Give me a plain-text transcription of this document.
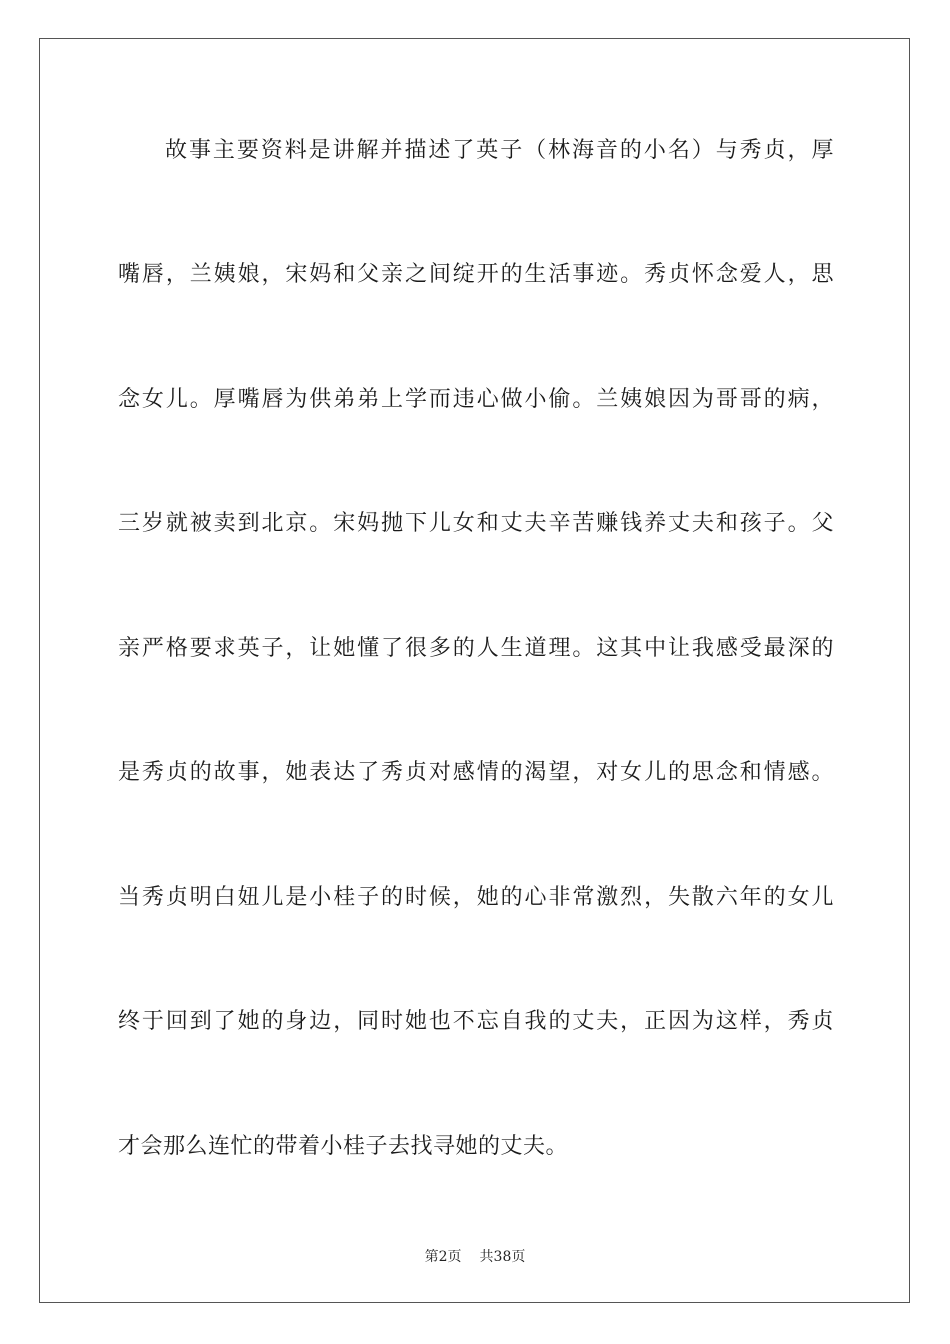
故事主要资料是讲解并描述了英子（林海音的小名）与秀贞，厚
嘴唇，兰姨娘，宋妈和父亲之间绽开的生活事迹。秀贞怀念爱人，思
念女儿。厚嘴唇为供弟弟上学而违心做小偷。兰姨娘因为哥哥的病，
三岁就被卖到北京。宋妈抛下儿女和丈夫辛苦赚钱养丈夫和孩子。父
亲严格要求英子，让她懂了很多的人生道理。这其中让我感受最深的
是秀贞的故事，她表达了秀贞对感情的渴望，对女儿的思念和情感。
当秀贞明白妞儿是小桂子的时候，她的心非常激烈，失散六年的女儿
终于回到了她的身边，同时她也不忘自我的丈夫，正因为这样，秀贞
才会那么连忙的带着小桂子去找寻她的丈夫。
第2页 共38页
